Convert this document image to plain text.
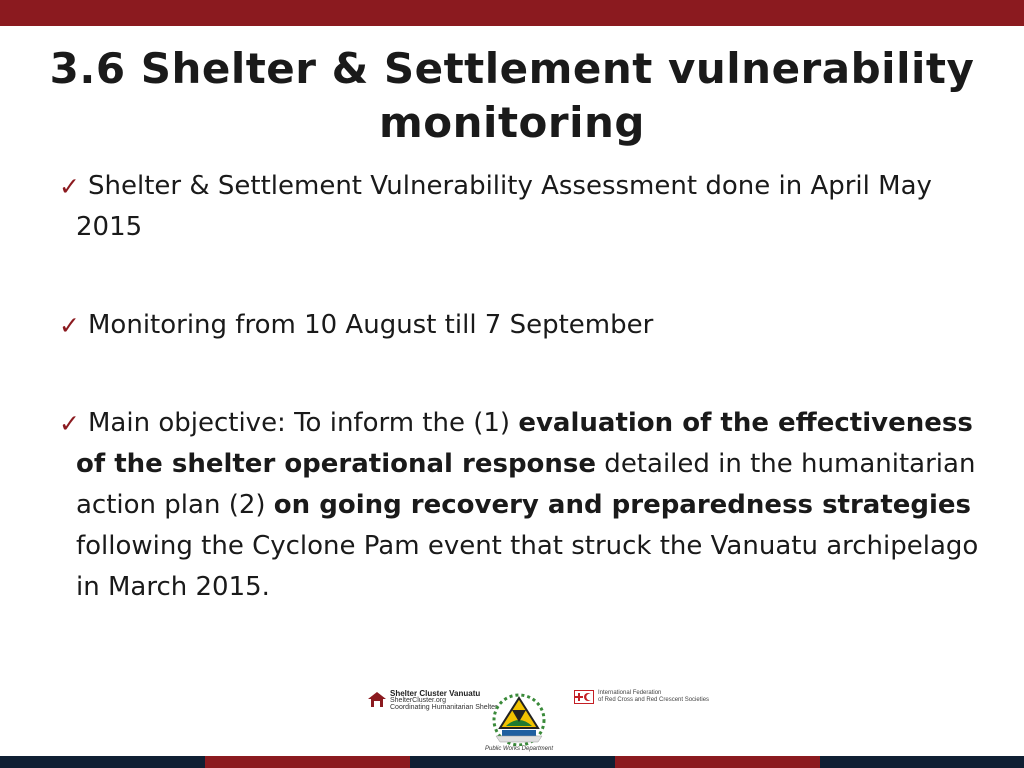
3.6 Shelter & Settlement vulnerability
monitoring

✓ Shelter & Settlement Vulnerability Assessment done in April May 2015

✓ Monitoring from 10 August till 7 September

✓ Main objective: To inform the (1) evaluation of the effectiveness of the shelter operational response detailed in the humanitarian action plan (2) on going recovery and preparedness strategies following the Cyclone Pam event that struck the Vanuatu archipelago in March 2015.

Shelter Cluster Vanuatu
ShelterCluster.org
Coordinating Humanitarian Shelter
Public Works Department
International Federation
of Red Cross and Red Crescent Societies
